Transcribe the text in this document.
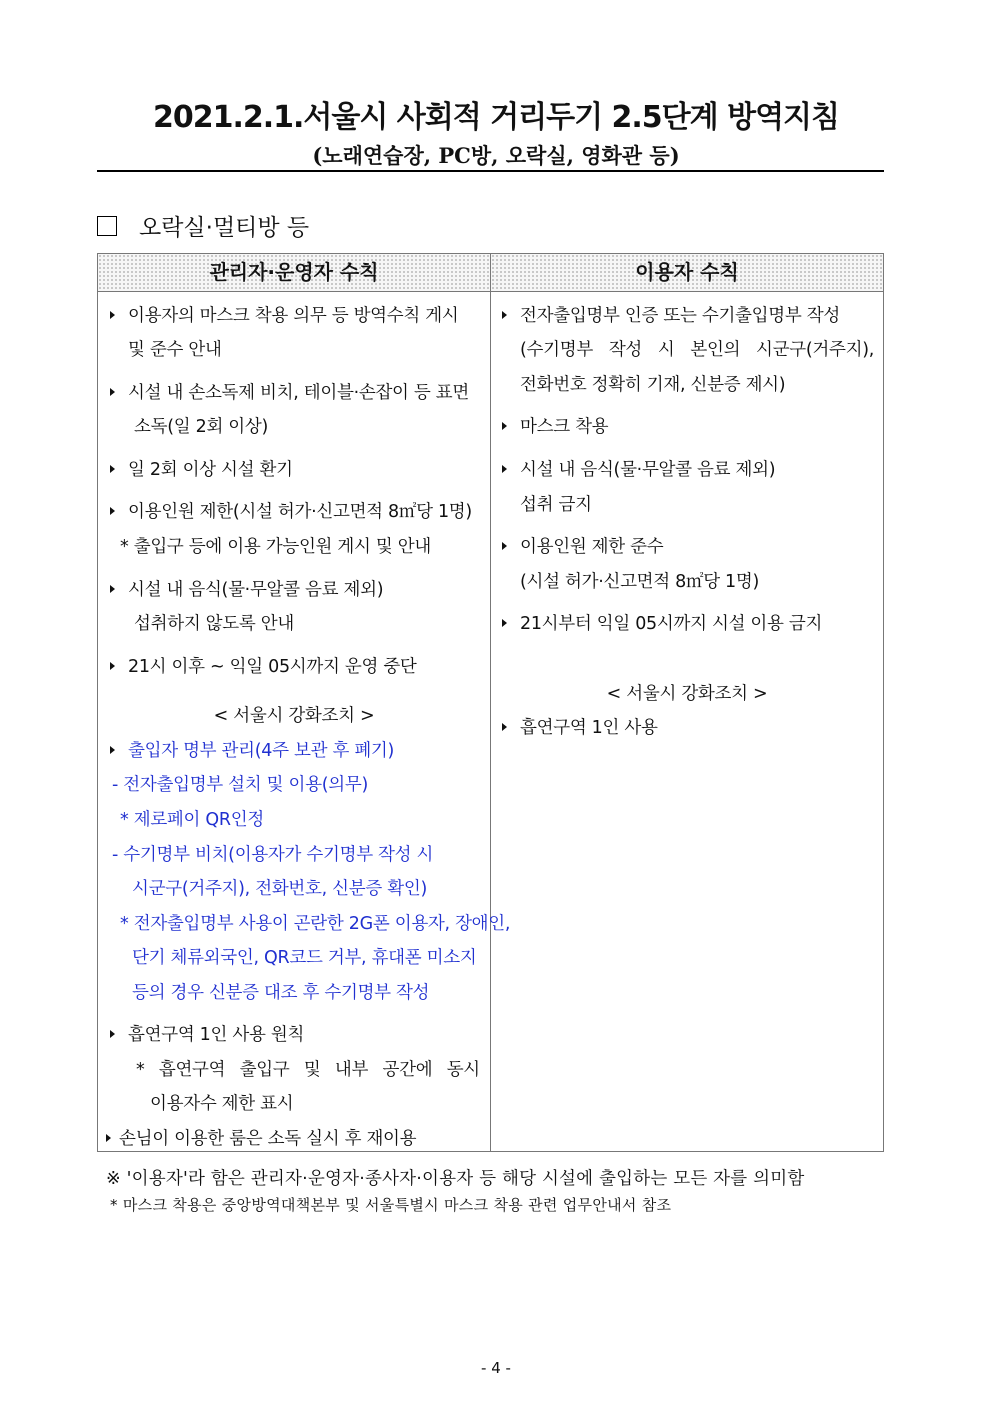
2021.2.1.서울시 사회적 거리두기 2.5단계 방역지침
(노래연습장, PC방, 오락실, 영화관 등)
오락실·멀티방 등
관리자·운영자 수칙	이용자 수칙
이용자의 마스크 착용 의무 등 방역수칙 게시
및 준수 안내
시설 내 손소독제 비치, 테이블·손잡이 등 표면
소독(일 2회 이상)
일 2회 이상 시설 환기
이용인원 제한(시설 허가·신고면적 8㎡당 1명)
* 출입구 등에 이용 가능인원 게시 및 안내
시설 내 음식(물·무알콜 음료 제외)
섭취하지 않도록 안내
21시 이후 ~ 익일 05시까지 운영 중단
< 서울시 강화조치 >
출입자 명부 관리(4주 보관 후 폐기)
- 전자출입명부 설치 및 이용(의무)
* 제로페이 QR인정
- 수기명부 비치(이용자가 수기명부 작성 시
시군구(거주지), 전화번호, 신분증 확인)
* 전자출입명부 사용이 곤란한 2G폰 이용자, 장애인,
단기 체류외국인, QR코드 거부, 휴대폰 미소지
등의 경우 신분증 대조 후 수기명부 작성
흡연구역 1인 사용 원칙
* 흡연구역 출입구 및 내부 공간에 동시
이용자수 제한 표시
손님이 이용한 룸은 소독 실시 후 재이용
전자출입명부 인증 또는 수기출입명부 작성
(수기명부 작성 시 본인의 시군구(거주지),
전화번호 정확히 기재, 신분증 제시)
마스크 착용
시설 내 음식(물·무알콜 음료 제외)
섭취 금지
이용인원 제한 준수
(시설 허가·신고면적 8㎡당 1명)
21시부터 익일 05시까지 시설 이용 금지
< 서울시 강화조치 >
흡연구역 1인 사용
※ '이용자'라 함은 관리자·운영자·종사자·이용자 등 해당 시설에 출입하는 모든 자를 의미함
* 마스크 착용은 중앙방역대책본부 및 서울특별시 마스크 착용 관련 업무안내서 참조
- 4 -
